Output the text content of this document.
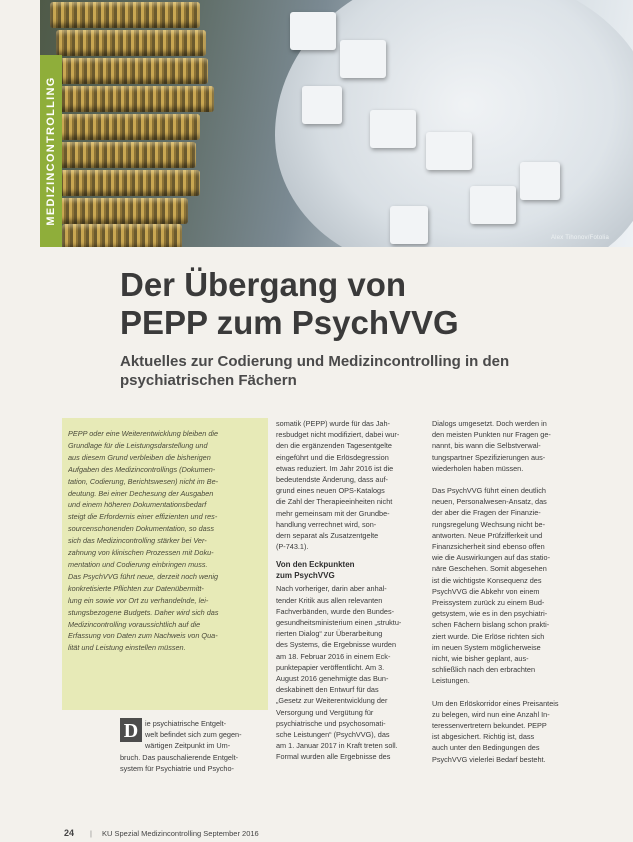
Alex Tihonov/Fotolia
MEDIZINCONTROLLING
Der Übergang von
PEPP zum PsychVVG
Aktuelles zur Codierung und Medizincontrolling in den
psychiatrischen Fächern
PEPP oder eine Weiterentwicklung bleiben die
Grundlage für die Leistungsdarstellung und
aus diesem Grund verbleiben die bisherigen
Aufgaben des Medizincontrollings (Dokumen-
tation, Codierung, Berichtswesen) nicht im Be-
deutung. Bei einer Dechesung der Ausgaben
und einem höheren Dokumentationsbedarf
steigt die Erfordernis einer effizienten und res-
sourcenschonenden Dokumentation, so dass
sich das Medizincontrolling stärker bei Ver-
zahnung von klinischen Prozessen mit Doku-
mentation und Codierung einbringen muss.
Das PsychVVG führt neue, derzeit noch wenig
konkretisierte Pflichten zur Datenübermitt-
lung ein sowie vor Ort zu verhandelnde, lei-
stungsbezogene Budgets. Daher wird sich das
Medizincontrolling voraussichtlich auf die
Erfassung von Daten zum Nachweis von Qua-
lität und Leistung einstellen müssen.
D ie psychiatrische Entgelt-
welt befindet sich zum gegen-
wärtigen Zeitpunkt im Um-
bruch. Das pauschalierende Entgelt-
system für Psychiatrie und Psycho-
somatik (PEPP) wurde für das Jah-
resbudget nicht modifiziert, dabei wur-
den die ergänzenden Tagesentgelte
eingeführt und die Erlösdegression
etwas reduziert. Im Jahr 2016 ist die
bedeutendste Änderung, dass auf-
grund eines neuen OPS-Katalogs
die Zahl der Therapieeinheiten nicht
mehr gemeinsam mit der Grundbe-
handlung verrechnet wird, son-
dern separat als Zusatzentgelte
(P-743.1).
Von den Eckpunkten
zum PsychVVG
Nach vorheriger, darin aber anhal-
tender Kritik aus allen relevanten
Fachverbänden, wurde den Bundes-
gesundheitsministerium einen „struktu-
rierten Dialog“ zur Überarbeitung
des Systems, die Ergebnisse wurden
am 18. Februar 2016 in einem Eck-
punktepapier veröffentlicht. Am 3.
August 2016 genehmigte das Bun-
deskabinett den Entwurf für das
„Gesetz zur Weiterentwicklung der
Versorgung und Vergütung für
psychiatrische und psychosomati-
sche Leistungen“ (PsychVVG), das
am 1. Januar 2017 in Kraft treten soll.
Formal wurden alle Ergebnisse des
Dialogs umgesetzt. Doch werden in
den meisten Punkten nur Fragen ge-
nannt, bis wann die Selbstverwal-
tungspartner Spezifizierungen aus-
wiederholen haben müssen.
Das PsychVVG führt einen deutlich
neuen, Personalwesen-Ansatz, das
der aber die Fragen der Finanzie-
rungsregelung Wechsung nicht be-
antworten. Neue Prüfzifferkeit und
Finanzsicherheit sind ebenso offen
wie die Auswirkungen auf das statio-
näre Geschehen. Somit abgesehen
ist die wichtigste Konsequenz des
PsychVVG die Abkehr von einem
Preissystem zurück zu einem Bud-
getsystem, wie es in den psychiatri-
schen Fächern bislang schon prakti-
ziert wurde. Die Erlöse richten sich
im neuen System möglicherweise
nicht, wie bisher geplant, aus-
schließlich nach den erbrachten
Leistungen.
Um den Erlöskorridor eines Preisanteis
zu belegen, wird nun eine Anzahl In-
teressenvertretern bekundet. PEPP
ist abgesichert. Richtig ist, dass
auch unter den Bedingungen des
PsychVVG vielerlei Bedarf besteht.
24 | KU Spezial Medizincontrolling September 2016
